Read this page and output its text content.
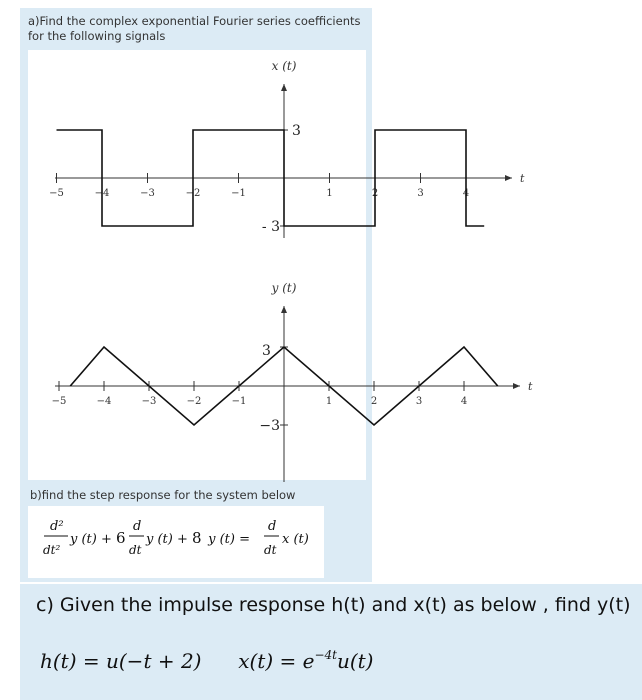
a)Find the complex exponential Fourier series coefficients for the following signals
−5	−4	−3	−2	−1	1	2	3	4
3
- 3
x (t)
t
−5	−4	−3	−2	−1	1	2	3	4
3
−3
y (t)
t
b)find the step response for the system below
d²
dt²
y (t) + 6
d
dt
y (t) + 8 y (t) =
d
dt
x (t)
c) Given the impulse response h(t) and x(t) as below , find y(t)
h(t) = u(−t + 2) $x(t) = e^{-4t}u(t)$
